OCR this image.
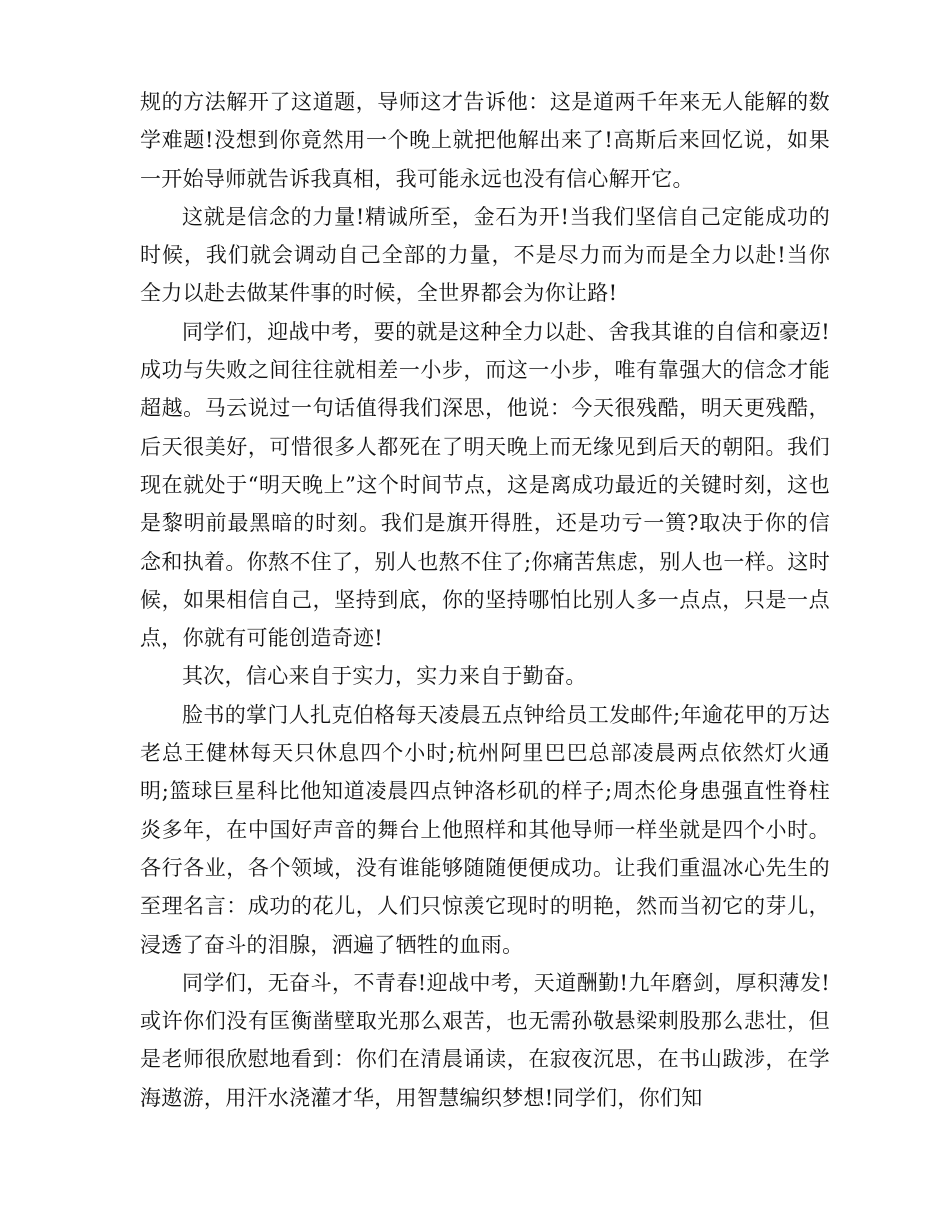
规的方法解开了这道题，导师这才告诉他：这是道两千年来无人能解的数学难题!没想到你竟然用一个晚上就把他解出来了!高斯后来回忆说，如果一开始导师就告诉我真相，我可能永远也没有信心解开它。

这就是信念的力量!精诚所至，金石为开!当我们坚信自己定能成功的时候，我们就会调动自己全部的力量，不是尽力而为而是全力以赴!当你全力以赴去做某件事的时候，全世界都会为你让路!

同学们，迎战中考，要的就是这种全力以赴、舍我其谁的自信和豪迈!成功与失败之间往往就相差一小步，而这一小步，唯有靠强大的信念才能超越。马云说过一句话值得我们深思，他说：今天很残酷，明天更残酷，后天很美好，可惜很多人都死在了明天晚上而无缘见到后天的朝阳。我们现在就处于“明天晚上”这个时间节点，这是离成功最近的关键时刻，这也是黎明前最黑暗的时刻。我们是旗开得胜，还是功亏一篑?取决于你的信念和执着。你熬不住了，别人也熬不住了;你痛苦焦虑，别人也一样。这时候，如果相信自己，坚持到底，你的坚持哪怕比别人多一点点，只是一点点，你就有可能创造奇迹!

其次，信心来自于实力，实力来自于勤奋。

脸书的掌门人扎克伯格每天凌晨五点钟给员工发邮件;年逾花甲的万达老总王健林每天只休息四个小时;杭州阿里巴巴总部凌晨两点依然灯火通明;篮球巨星科比他知道凌晨四点钟洛杉矶的样子;周杰伦身患强直性脊柱炎多年，在中国好声音的舞台上他照样和其他导师一样坐就是四个小时。各行各业，各个领域，没有谁能够随随便便成功。让我们重温冰心先生的至理名言：成功的花儿，人们只惊羡它现时的明艳，然而当初它的芽儿，浸透了奋斗的泪腺，洒遍了牺牲的血雨。

同学们，无奋斗，不青春!迎战中考，天道酬勤!九年磨剑，厚积薄发!或许你们没有匡衡凿壁取光那么艰苦，也无需孙敬悬梁刺股那么悲壮，但是老师很欣慰地看到：你们在清晨诵读，在寂夜沉思，在书山跋涉，在学海遨游，用汗水浇灌才华，用智慧编织梦想!同学们，你们知
